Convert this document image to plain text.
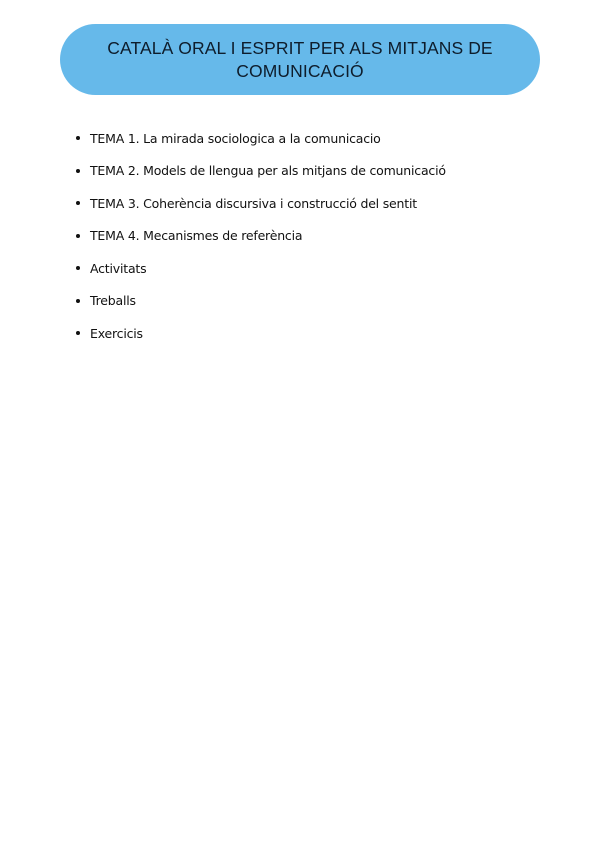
CATALÀ ORAL I ESPRIT PER ALS MITJANS DE COMUNICACIÓ
TEMA 1. La mirada sociologica a la comunicacio
TEMA 2. Models de llengua per als mitjans de comunicació
TEMA 3. Coherència discursiva i construcció del sentit
TEMA 4. Mecanismes de referència
Activitats
Treballs
Exercicis
